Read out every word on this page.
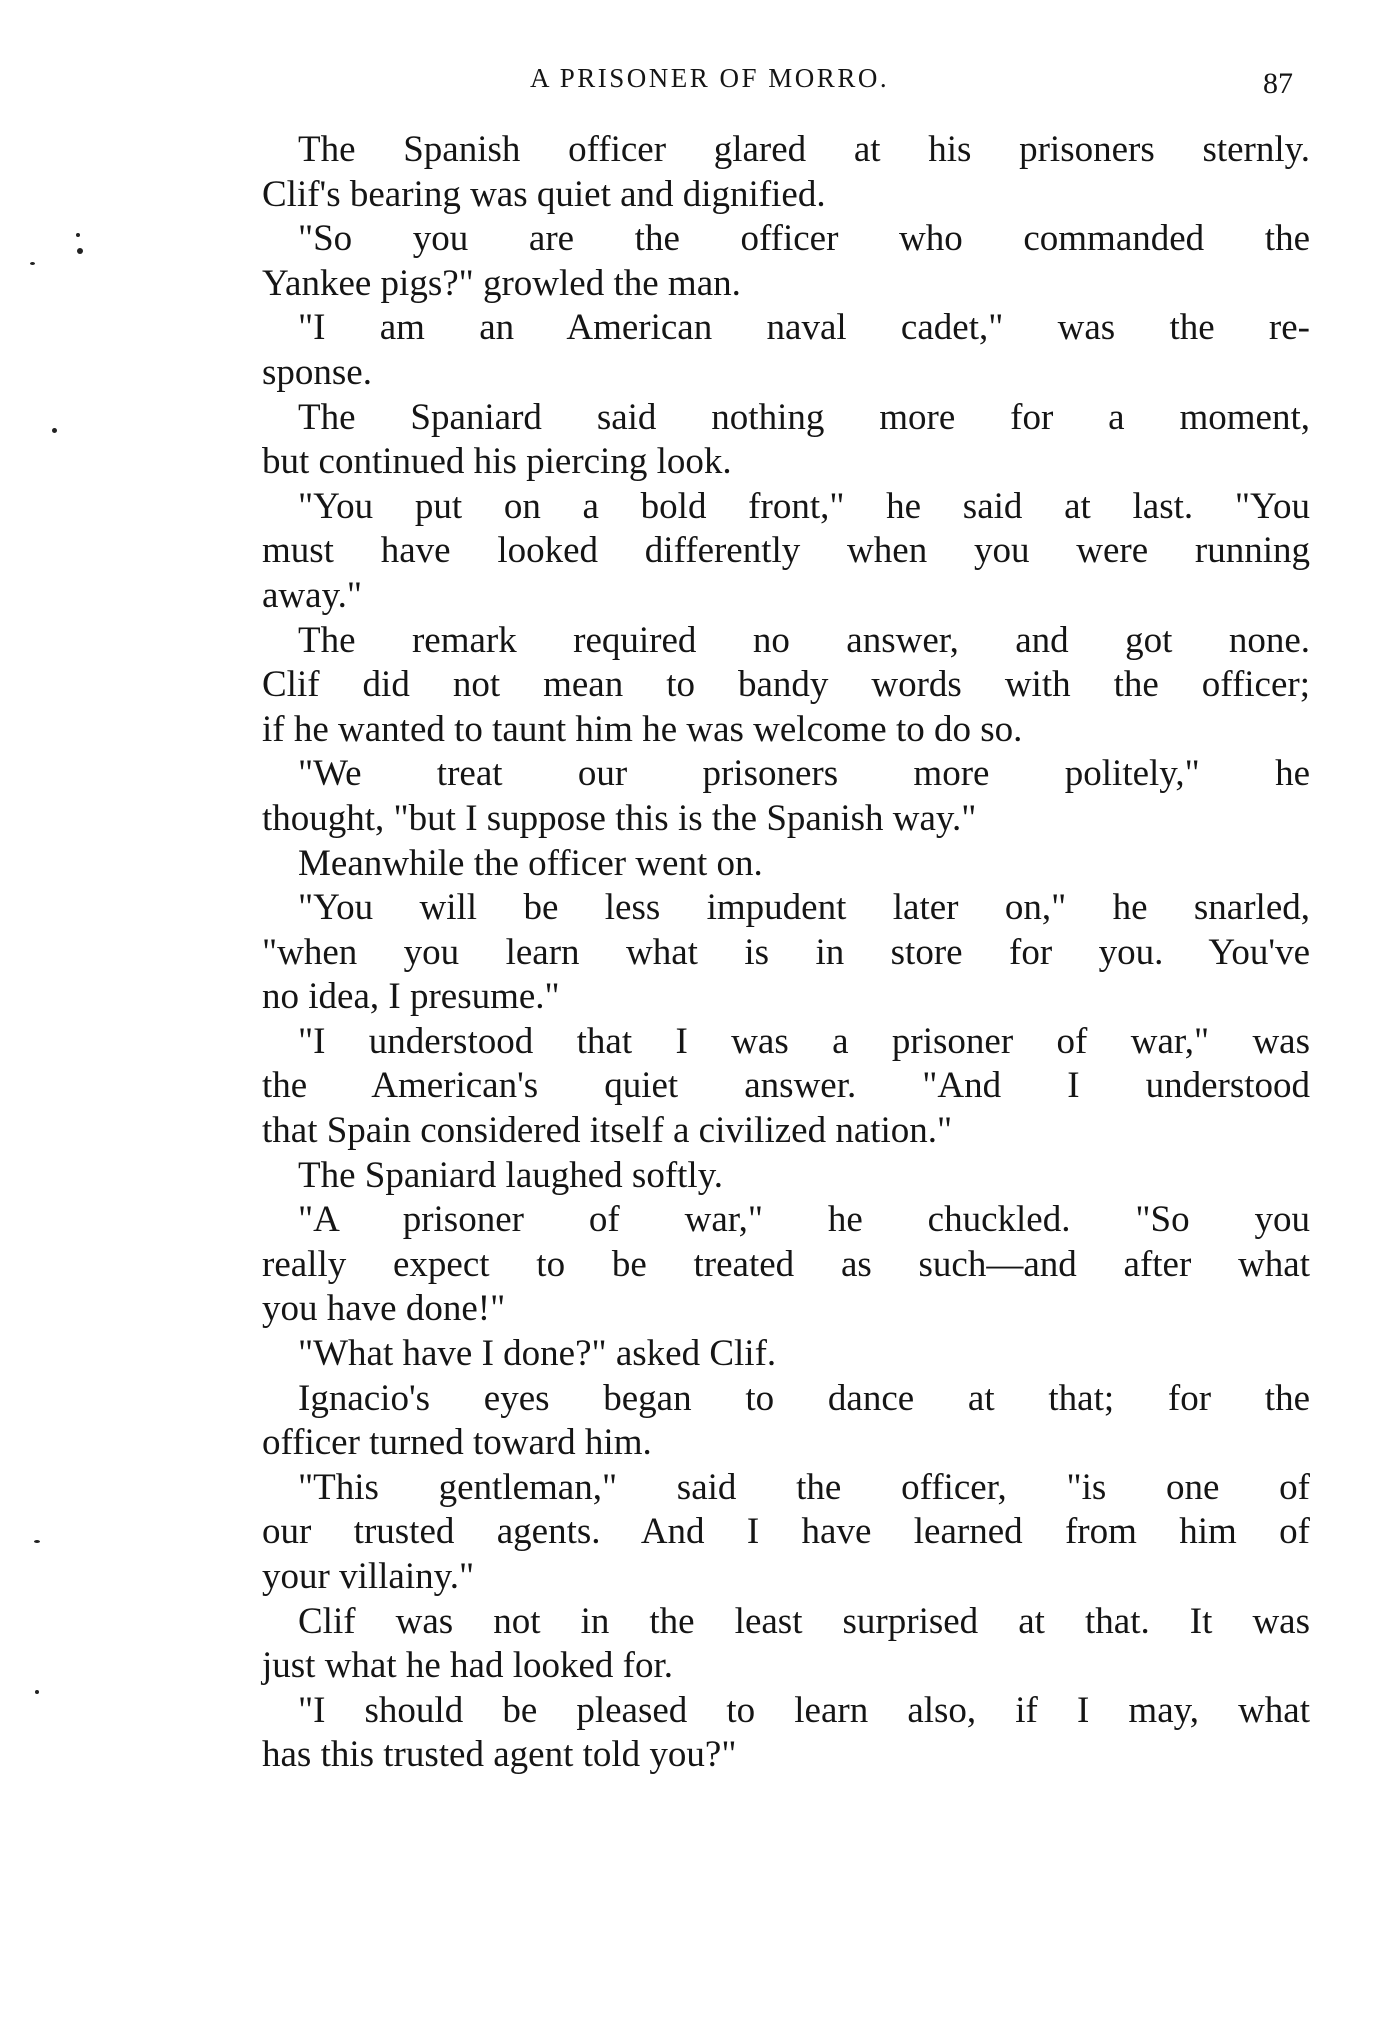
A PRISONER OF MORRO.	87

The Spanish officer glared at his prisoners sternly.
Clif's bearing was quiet and dignified.

"So you are the officer who commanded the
Yankee pigs?" growled the man.

"I am an American naval cadet," was the re-
sponse.

The Spaniard said nothing more for a moment,
but continued his piercing look.

"You put on a bold front," he said at last. "You
must have looked differently when you were running
away."

The remark required no answer, and got none.
Clif did not mean to bandy words with the officer;
if he wanted to taunt him he was welcome to do so.

"We treat our prisoners more politely," he
thought, "but I suppose this is the Spanish way."

Meanwhile the officer went on.

"You will be less impudent later on," he snarled,
"when you learn what is in store for you. You've
no idea, I presume."

"I understood that I was a prisoner of war," was
the American's quiet answer. "And I understood
that Spain considered itself a civilized nation."

The Spaniard laughed softly.

"A prisoner of war," he chuckled. "So you
really expect to be treated as such—and after what
you have done!"

"What have I done?" asked Clif.

Ignacio's eyes began to dance at that; for the
officer turned toward him.

"This gentleman," said the officer, "is one of
our trusted agents. And I have learned from him of
your villainy."

Clif was not in the least surprised at that. It was
just what he had looked for.

"I should be pleased to learn also, if I may, what
has this trusted agent told you?"
